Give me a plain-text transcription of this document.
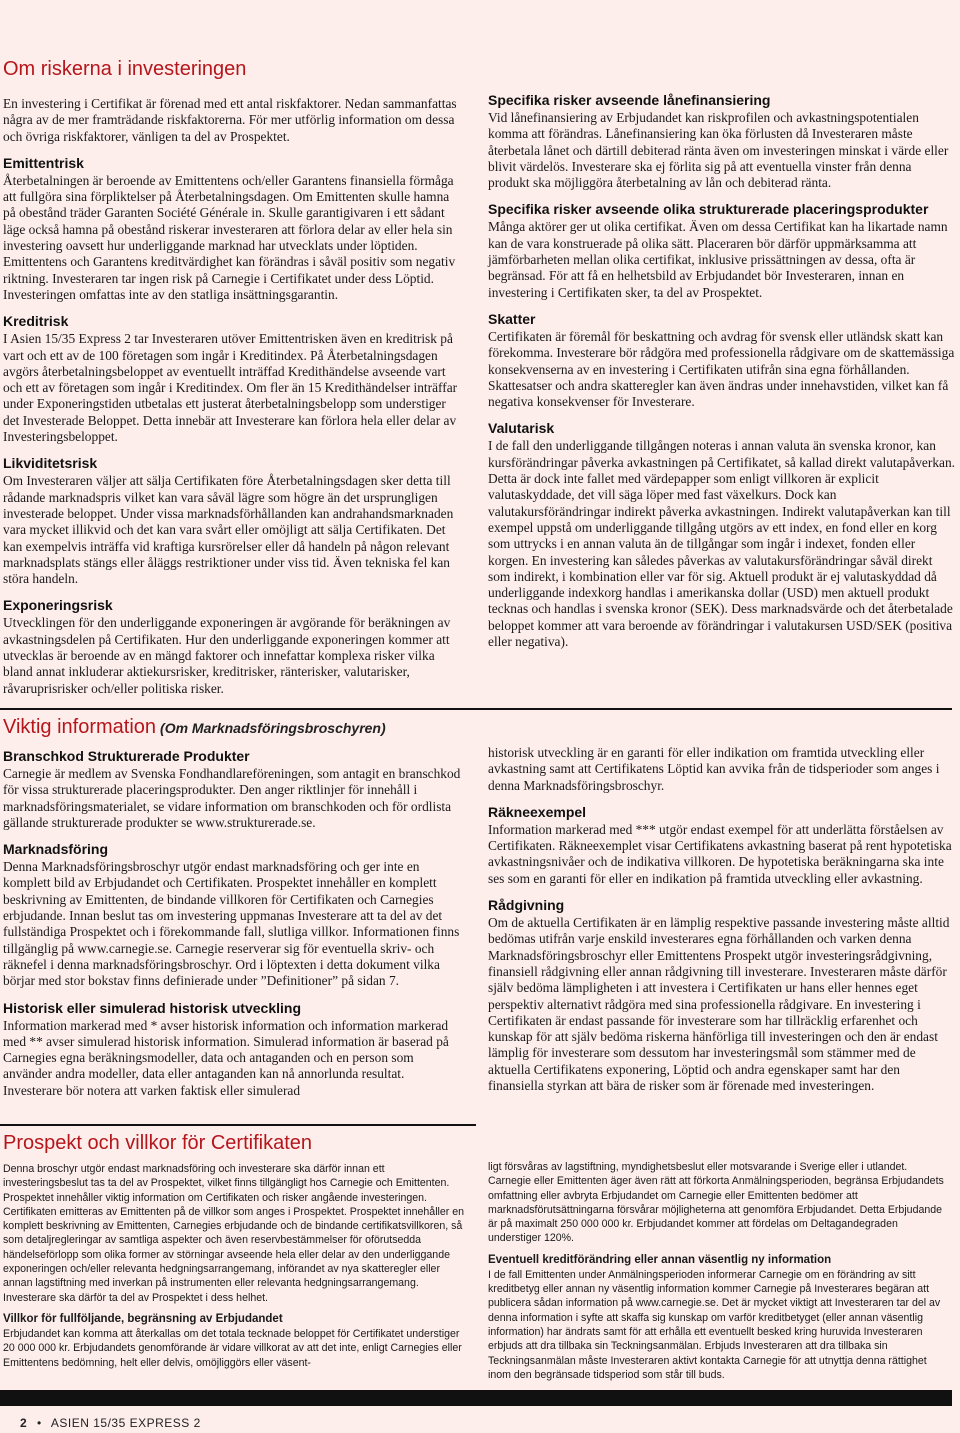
Om riskerna i investeringen

En investering i Certifikat är förenad med ett antal riskfaktorer. Nedan sammanfattas några av de mer framträdande riskfaktorerna. För mer utförlig information om dessa och övriga riskfaktorer, vänligen ta del av Prospektet.

Emittentrisk

Återbetalningen är beroende av Emittentens och/eller Garantens finansiella förmåga att fullgöra sina förpliktelser på Återbetalningsdagen. Om Emittenten skulle hamna på obestånd träder Garanten Société Générale in. Skulle garantigivaren i ett sådant läge också hamna på obestånd riskerar investeraren att förlora delar av eller hela sin investering oavsett hur underliggande marknad har utvecklats under löptiden. Emittentens och Garantens kreditvärdighet kan förändras i såväl positiv som negativ riktning. Investeraren tar ingen risk på Carnegie i Certifikatet under dess Löptid. Investeringen omfattas inte av den statliga insättningsgarantin.

Kreditrisk

I Asien 15/35 Express 2 tar Investeraren utöver Emittentrisken även en kreditrisk på vart och ett av de 100 företagen som ingår i Kreditindex. På Återbetalningsdagen avgörs återbetalningsbeloppet av eventuellt inträffad Kredithändelse avseende vart och ett av företagen som ingår i Kreditindex. Om fler än 15 Kredithändelser inträffar under Exponeringstiden utbetalas ett justerat återbetalningsbelopp som understiger det Investerade Beloppet. Detta innebär att Investerare kan förlora hela eller delar av Investeringsbeloppet.

Likviditetsrisk

Om Investeraren väljer att sälja Certifikaten före Återbetalningsdagen sker detta till rådande marknadspris vilket kan vara såväl lägre som högre än det ursprungligen investerade beloppet. Under vissa marknadsförhållanden kan andrahandsmarknaden vara mycket illikvid och det kan vara svårt eller omöjligt att sälja Certifikaten. Det kan exempelvis inträffa vid kraftiga kursrörelser eller då handeln på någon relevant marknadsplats stängs eller åläggs restriktioner under viss tid. Även tekniska fel kan störa handeln.

Exponeringsrisk

Utvecklingen för den underliggande exponeringen är avgörande för beräkningen av avkastningsdelen på Certifikaten. Hur den underliggande exponeringen kommer att utvecklas är beroende av en mängd faktorer och innefattar komplexa risker vilka bland annat inkluderar aktiekursrisker, kreditrisker, ränterisker, valutarisker, råvaruprisrisker och/eller politiska risker.

Specifika risker avseende lånefinansiering

Vid lånefinansiering av Erbjudandet kan riskprofilen och avkastningspotentialen komma att förändras. Lånefinansiering kan öka förlusten då Investeraren måste återbetala lånet och därtill debiterad ränta även om investeringen minskat i värde eller blivit värdelös. Investerare ska ej förlita sig på att eventuella vinster från denna produkt ska möjliggöra återbetalning av lån och debiterad ränta.

Specifika risker avseende olika strukturerade placeringsprodukter

Många aktörer ger ut olika certifikat. Även om dessa Certifikat kan ha likartade namn kan de vara konstruerade på olika sätt. Placeraren bör därför uppmärksamma att jämförbarheten mellan olika certifikat, inklusive prissättningen av dessa, ofta är begränsad. För att få en helhetsbild av Erbjudandet bör Investeraren, innan en investering i Certifikaten sker, ta del av Prospektet.

Skatter

Certifikaten är föremål för beskattning och avdrag för svensk eller utländsk skatt kan förekomma. Investerare bör rådgöra med professionella rådgivare om de skattemässiga konsekvenserna av en investering i Certifikaten utifrån sina egna förhållanden. Skattesatser och andra skatteregler kan även ändras under innehavstiden, vilket kan få negativa konsekvenser för Investerare.

Valutarisk

I de fall den underliggande tillgången noteras i annan valuta än svenska kronor, kan kursförändringar påverka avkastningen på Certifikatet, så kallad direkt valutapåverkan. Detta är dock inte fallet med värdepapper som enligt villkoren är explicit valutaskyddade, det vill säga löper med fast växelkurs. Dock kan valutakursförändringar indirekt påverka avkastningen. Indirekt valutapåverkan kan till exempel uppstå om underliggande tillgång utgörs av ett index, en fond eller en korg som uttrycks i en annan valuta än de tillgångar som ingår i indexet, fonden eller korgen. En investering kan således påverkas av valutakursförändringar såväl direkt som indirekt, i kombination eller var för sig. Aktuell produkt är ej valutaskyddad då underliggande indexkorg handlas i amerikanska dollar (USD) men aktuell produkt tecknas och handlas i svenska kronor (SEK). Dess marknadsvärde och det återbetalade beloppet kommer att vara beroende av förändringar i valutakursen USD/SEK (positiva eller negativa).

Viktig information (Om Marknadsföringsbroschyren)
Branschkod Strukturerade Produkter

Carnegie är medlem av Svenska Fondhandlareföreningen, som antagit en branschkod för vissa strukturerade placeringsprodukter. Den anger riktlinjer för innehåll i marknadsföringsmaterialet, se vidare information om branschkoden och för ordlista gällande strukturerade produkter se www.strukturerade.se.

Marknadsföring

Denna Marknadsföringsbroschyr utgör endast marknadsföring och ger inte en komplett bild av Erbjudandet och Certifikaten. Prospektet innehåller en komplett beskrivning av Emittenten, de bindande villkoren för Certifikaten och Carnegies erbjudande. Innan beslut tas om investering uppmanas Investerare att ta del av det fullständiga Prospektet och i förekommande fall, slutliga villkor. Informationen finns tillgänglig på www.carnegie.se. Carnegie reserverar sig för eventuella skriv- och räknefel i denna marknadsföringsbroschyr. Ord i löptexten i detta dokument vilka börjar med stor bokstav finns definierade under ”Definitioner” på sidan 7.

Historisk eller simulerad historisk utveckling

Information markerad med * avser historisk information och information markerad med ** avser simulerad historisk information. Simulerad information är baserad på Carnegies egna beräkningsmodeller, data och antaganden och en person som använder andra modeller, data eller antaganden kan nå annorlunda resultat. Investerare bör notera att varken faktisk eller simulerad

historisk utveckling är en garanti för eller indikation om framtida utveckling eller avkastning samt att Certifikatens Löptid kan avvika från de tidsperioder som anges i denna Marknadsföringsbroschyr.

Räkneexempel

Information markerad med *** utgör endast exempel för att underlätta förståelsen av Certifikaten. Räkneexemplet visar Certifikatens avkastning baserat på rent hypotetiska avkastningsnivåer och de indikativa villkoren. De hypotetiska beräkningarna ska inte ses som en garanti för eller en indikation på framtida utveckling eller avkastning.

Rådgivning

Om de aktuella Certifikaten är en lämplig respektive passande investering måste alltid bedömas utifrån varje enskild investerares egna förhållanden och varken denna Marknadsföringsbroschyr eller Emittentens Prospekt utgör investeringsrådgivning, finansiell rådgivning eller annan rådgivning till investerare. Investeraren måste därför själv bedöma lämpligheten i att investera i Certifikaten ur hans eller hennes eget perspektiv alternativt rådgöra med sina professionella rådgivare. En investering i Certifikaten är endast passande för investerare som har tillräcklig erfarenhet och kunskap för att själv bedöma riskerna hänförliga till investeringen och den är endast lämplig för investerare som dessutom har investeringsmål som stämmer med de aktuella Certifikatens exponering, Löptid och andra egenskaper samt har den finansiella styrkan att bära de risker som är förenade med investeringen.

Prospekt och villkor för Certifikaten

Denna broschyr utgör endast marknadsföring och investerare ska därför innan ett investeringsbeslut tas ta del av Prospektet, vilket finns tillgängligt hos Carnegie och Emittenten. Prospektet innehåller viktig information om Certifikaten och risker angående investeringen. Certifikaten emitteras av Emittenten på de villkor som anges i Prospektet. Prospektet innehåller en komplett beskrivning av Emittenten, Carnegies erbjudande och de bindande certifikatsvillkoren, så som detaljregleringar av samtliga aspekter och även reservbestämmelser för oförutsedda händelseförlopp som olika former av störningar avseende hela eller delar av den underliggande exponeringen och/eller relevanta hedgningsarrangemang, införandet av nya skatteregler eller annan lagstiftning med inverkan på instrumenten eller relevanta hedgningsarrangemang. Investerare ska därför ta del av Prospektet i dess helhet.

Villkor för fullföljande, begränsning av Erbjudandet

Erbjudandet kan komma att återkallas om det totala tecknade beloppet för Certifikatet understiger 20 000 000 kr. Erbjudandets genomförande är vidare villkorat av att det inte, enligt Carnegies eller Emittentens bedömning, helt eller delvis, omöjliggörs eller väsent-

ligt försvåras av lagstiftning, myndighetsbeslut eller motsvarande i Sverige eller i utlandet. Carnegie eller Emittenten äger även rätt att förkorta Anmälningsperioden, begränsa Erbjudandets omfattning eller avbryta Erbjudandet om Carnegie eller Emittenten bedömer att marknadsförutsättningarna försvårar möjligheterna att genomföra Erbjudandet. Detta Erbjudande är på maximalt 250 000 000 kr. Erbjudandet kommer att fördelas om Deltagandegraden understiger 120%.

Eventuell kreditförändring eller annan väsentlig ny information

I de fall Emittenten under Anmälningsperioden informerar Carnegie om en förändring av sitt kreditbetyg eller annan ny väsentlig information kommer Carnegie på Investerares begäran att publicera sådan information på www.carnegie.se. Det är mycket viktigt att Investeraren tar del av denna information i syfte att skaffa sig kunskap om varför kreditbetyget (eller annan väsentlig information) har ändrats samt för att erhålla ett eventuellt besked kring huruvida Investeraren erbjuds att dra tillbaka sin Teckningsanmälan. Erbjuds Investeraren att dra tillbaka sin Teckningsanmälan måste Investeraren aktivt kontakta Carnegie för att utnyttja denna rättighet inom den begränsade tidsperiod som står till buds.

2 • ASIEN 15/35 EXPRESS 2
